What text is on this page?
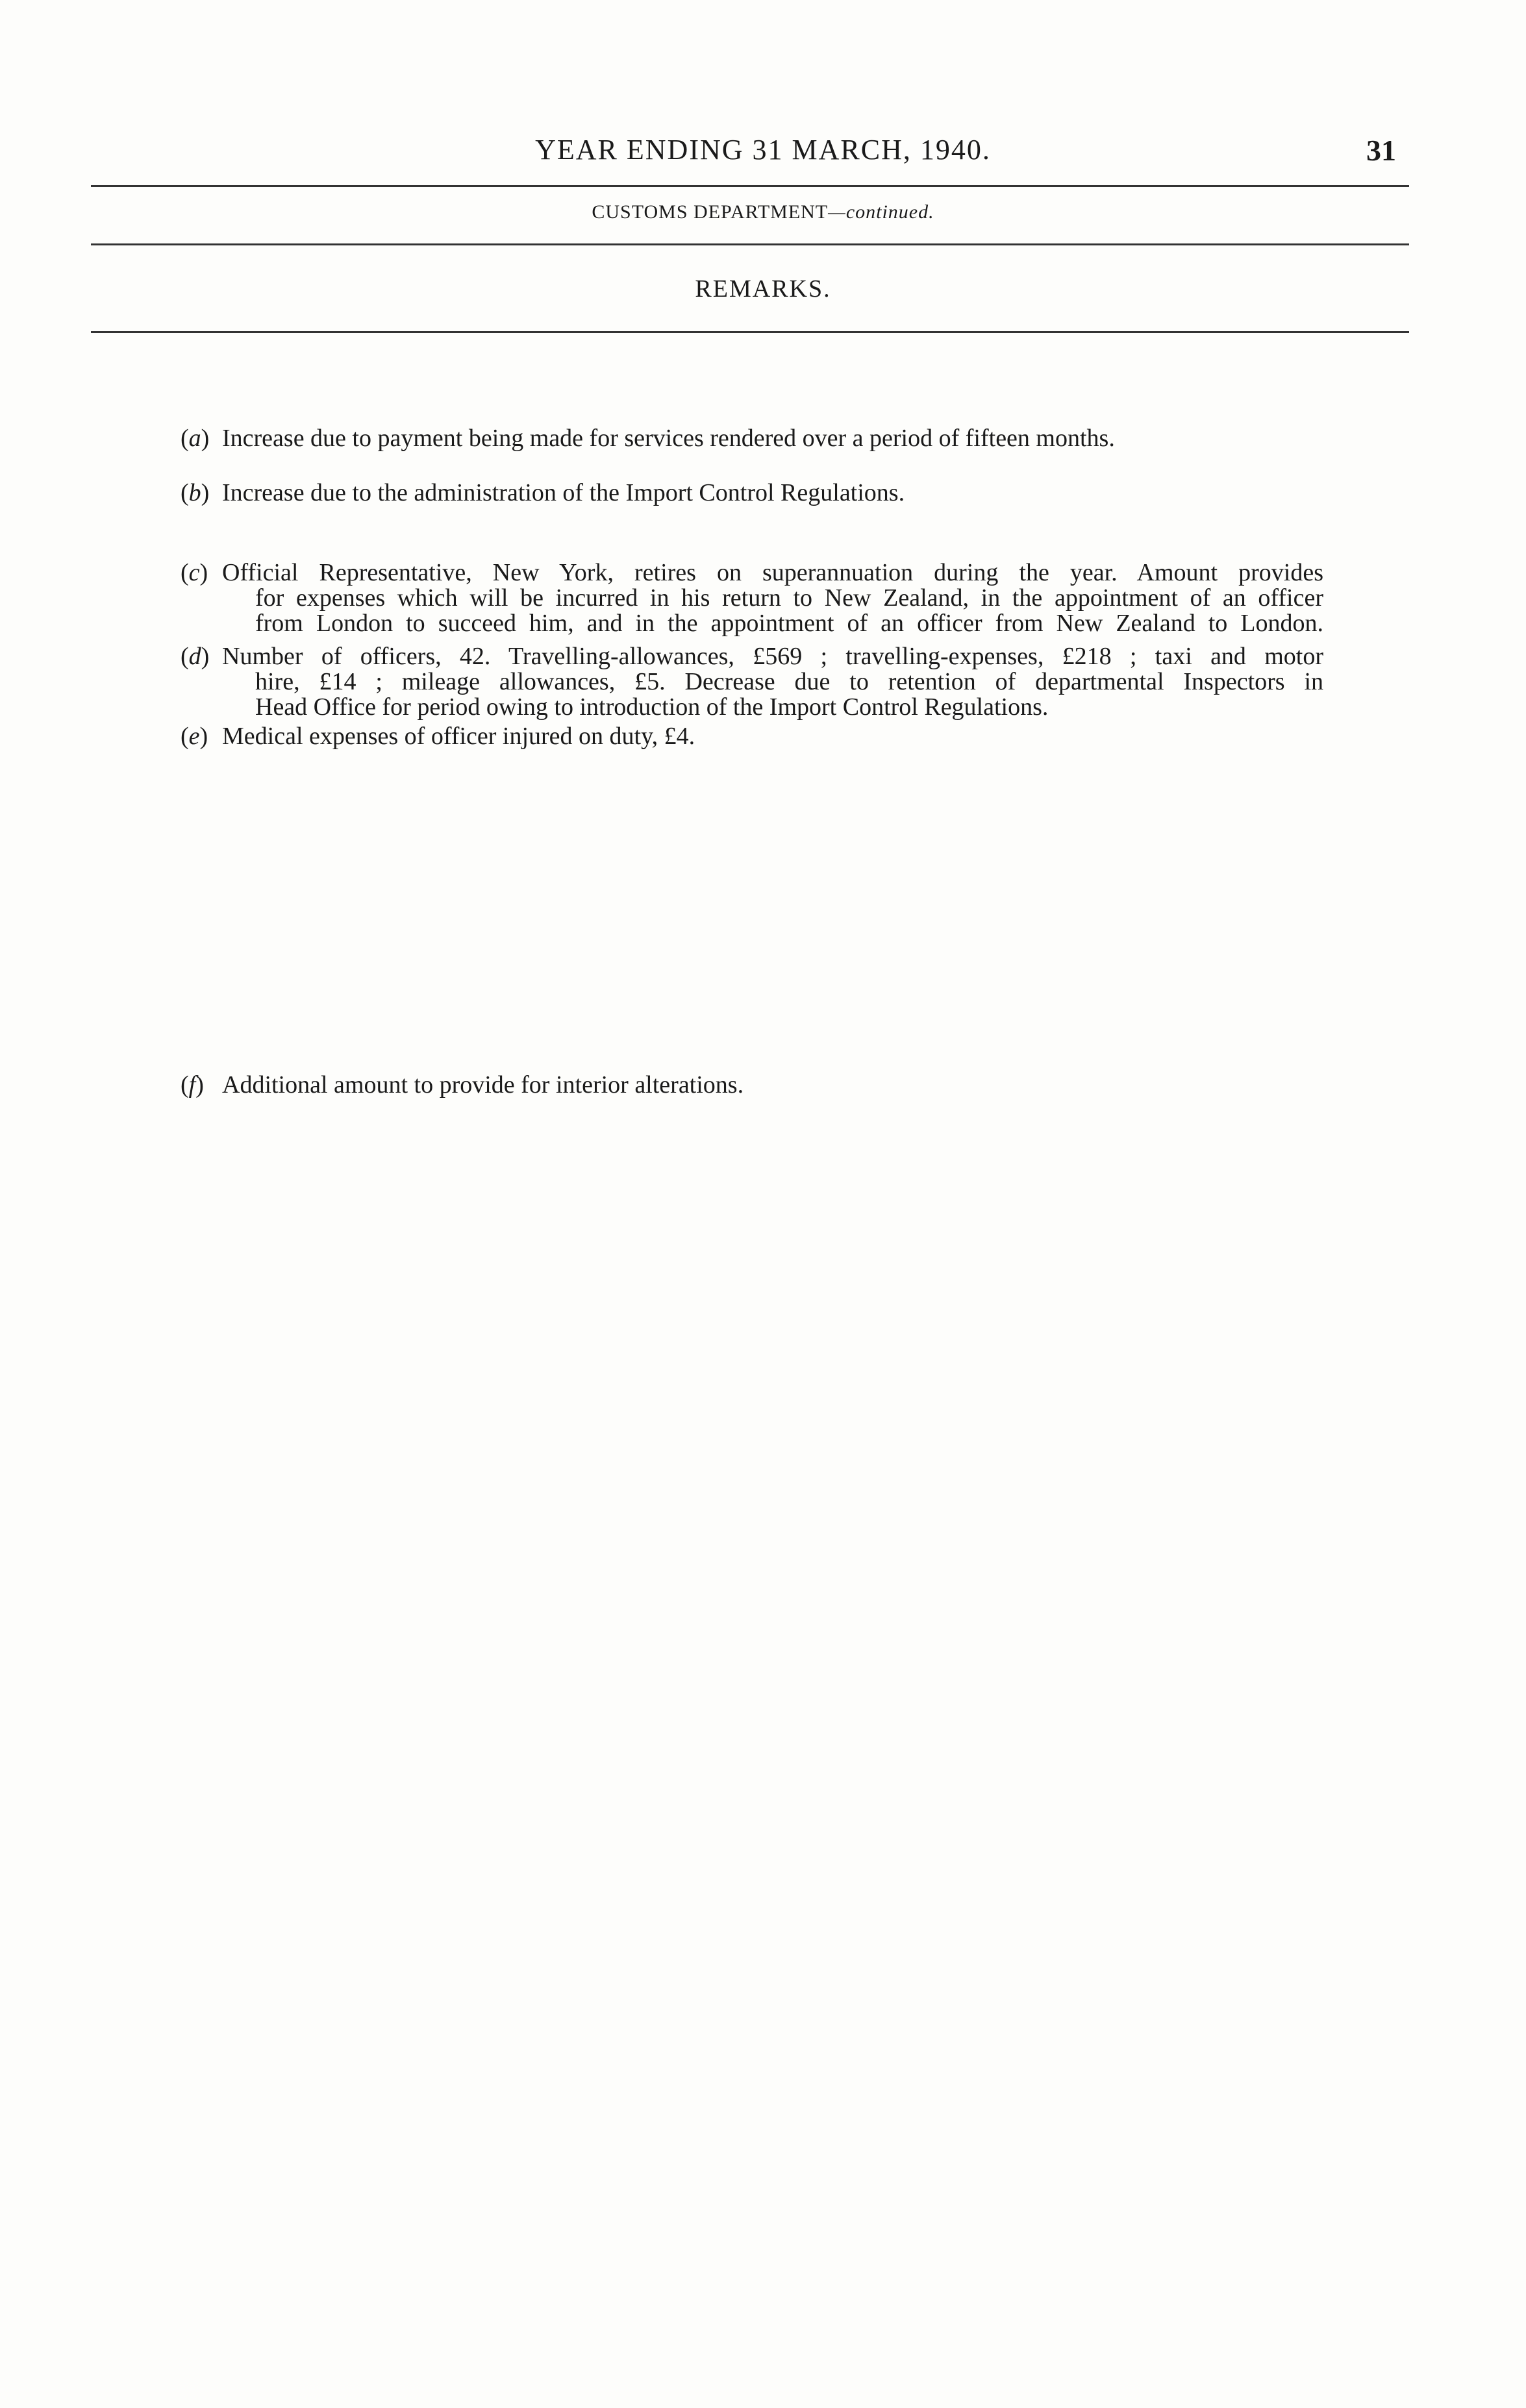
YEAR ENDING 31 MARCH, 1940.	31
CUSTOMS DEPARTMENT—continued.
REMARKS.
(a) Increase due to payment being made for services rendered over a period of fifteen months.
(b) Increase due to the administration of the Import Control Regulations.
(c) Official Representative, New York, retires on superannuation during the year. Amount provides
for expenses which will be incurred in his return to New Zealand, in the appointment of an officer
from London to succeed him, and in the appointment of an officer from New Zealand to London.
(d) Number of officers, 42. Travelling-allowances, £569 ; travelling-expenses, £218 ; taxi and motor
hire, £14 ; mileage allowances, £5. Decrease due to retention of departmental Inspectors in
Head Office for period owing to introduction of the Import Control Regulations.
(e) Medical expenses of officer injured on duty, £4.
(f) Additional amount to provide for interior alterations.
